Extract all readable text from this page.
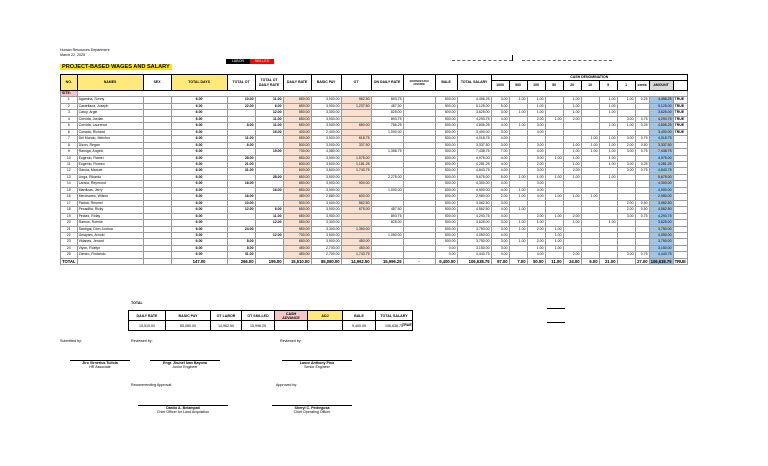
Human Resources Department
March 22, 2025
LABOR	SKILLED
PROJECT-BASED WAGES AND SALARY
NO.	NAMES	SEX	TOTAL DAYS	TOTAL OT	TOTAL OT DAILY RATE	DAILY RATE	BASIC PAY	OT	ON DAILY RATE	ADVANCE/CASH ADVANCE	BALE	TOTAL SALARY	CASH DENOMINATION										
													1000	500	100	50	20	10	5	1	cents	AMOUNT	
SITE:																							
1	Agamina, Sonny		6.00	10.00	11.00	650.00	3,900.00	962.50	893.75		500.00	4,456.25	3.00	1.00	1.00		1.00		1.00	1.00	0.25	4,456.25	TRUE
2	Castellana, Joseph		6.00	22.00	6.00	650.00	3,900.00	1,237.50	487.50		500.00	5,125.00	5.00		1.00		1.00		1.00			5,125.00	TRUE
3	Catoy, Argie		6.00		12.00	550.00	3,300.00		825.00		500.00	3,625.00	3.00	1.00	1.00		1.00		1.00			3,625.00	TRUE
4	Corvida, Jordan		6.00		11.00	650.00	3,900.00		893.75		500.00	4,293.75	4.00		2.00	1.00	2.00			3.00	0.75	4,293.75	TRUE
5	Corvida, Laurence		6.00	8.00	11.00	650.00	3,900.00	650.00	756.25		500.00	4,806.25	4.00	1.00	3.00				1.00	1.00	0.25	4,806.25	TRUE
6	Cunada, Richard		6.00		16.00	400.00	2,400.00		1,000.00		500.00	3,400.00	3.00		4.00							3,400.00	TRUE
7	Del Mundo, Melchor		6.00	11.00		650.00	3,900.00	618.75			500.00	4,018.75	4.00					1.00	1.00	3.00	0.75	4,018.75	
8	Dizon, Regan		6.00	6.00		500.00	3,000.00	337.50			500.00	3,337.50	3.00		3.00		1.00	1.00	1.00	2.00	0.50	3,337.50	
9	Ramiga, Angelo		6.00		19.00	730.00	4,380.00		1,358.75		500.00	7,438.75	7.00		4.00		1.00	1.00	1.00	3.00	0.75	7,438.75	
10	Eugenio, Ramel		6.00	28.00		650.00	3,900.00	1,575.00			500.00	4,975.00	4.00		3.00	1.00	1.00		1.00			4,975.00	
11	Eugenio, Romeo		6.00	21.00		600.00	3,600.00	1,181.25			500.00	4,281.25	4.00		2.00		1.00		1.00	3.00	0.25	4,281.25	
12	Garcia, Manuel		6.00	31.00		600.00	3,600.00	1,743.75			500.00	4,843.75	4.00		3.00		2.00			3.00	0.75	4,843.75	
13	Linga, Ricardo		6.00		28.00	650.00	3,900.00		2,275.00		500.00	5,675.00	5.00	1.00	1.00	1.00	1.00		1.00			5,675.00	
14	Larisia, Reymond		6.00	16.00		650.00	3,900.00	900.00			500.00	4,300.00	4.00		3.00							4,300.00	
15	Mardicas, Jerry		6.00		16.00	650.00	3,900.00		1,000.00		500.00	4,900.00	4.00	1.00	4.00							4,900.00	
16	Mercisares, Wilson		6.00	16.00		480.00	2,880.00	600.00			500.00	2,980.00	2.00	1.00	4.00	1.00	1.00	1.00				2,980.00	
17	Padua, Reumel		6.00	10.00		500.00	3,000.00	562.50			500.00	3,062.50	3.00							2.00	0.50	3,062.50	
18	Pecadilla, Ricky		6.00	12.00	6.00	650.00	3,900.00	675.00	487.50		500.00	4,562.50	4.00	1.00						2.00	0.50	4,562.50	
19	Pelaez, Rolay		6.00		11.00	650.00	3,900.00		893.75		500.00	4,293.75	4.00		2.00	1.00	2.00			3.00	0.75	4,293.75	
20	Ramos, Roenie		6.00		12.00	550.00	3,300.00		825.00		500.00	3,625.00	3.00	1.00	1.00		1.00		1.00			3,625.00	
21	Sardigal, Dion Joshua		6.00	24.00		550.00	3,300.00	1,350.00			500.00	3,750.00	3.00	1.00	2.00	1.00						3,750.00	
22	Umayam, Arnold		5.00		12.00	700.00	3,500.00		1,050.00		500.00	4,050.00	4.00			1.00						4,050.00	
23	Vidanes, Jenard		6.00	8.00		650.00	3,900.00	450.00			500.00	3,750.00	3.00	1.00	2.00	1.00						3,750.00	
24	Viyon, Roelyn		6.00	8.00		450.00	2,700.00	450.00			0.00	3,150.00	3.00		1.00	1.00						3,150.00	
25	Zamiro, Rodando		6.00	31.00		450.00	2,700.00	1,743.75			0.00	4,443.75	4.00		4.00		2.00			3.00	0.75	4,443.75	
TOTAL			147.00	266.00	195.00	15,510.00	85,080.00	14,962.50	15,996.25	-	9,400.00	106,638.75	97.00	7.00	50.00	11.00	24.00	6.00	21.00		27.00	106,638.75	TRUE
TOTAL
DAILY RATE	BASIC PAY	OT LABOR	OT SKILLED	CASH ADVANCE	ADJ	BALE	TOTAL SALARY
15,510.00	85,080.00	14,962.50	15,996.25			9,400.00	106,638.75 TRUE
Submitted by:	Reviewed by:	Reviewed by:
Jiro Virnerius Tuliola
HR Associate
Engr. Jhunel Ivan Bayona
Junior Engineer
Lance Anthony Pino
Senior Engineer
Recommending Approval:	Approved by:
Danilo A. Belampati
Chief Officer for Land Acquisition
Sheryl C. Pedregosa
Chief Operating Officer
